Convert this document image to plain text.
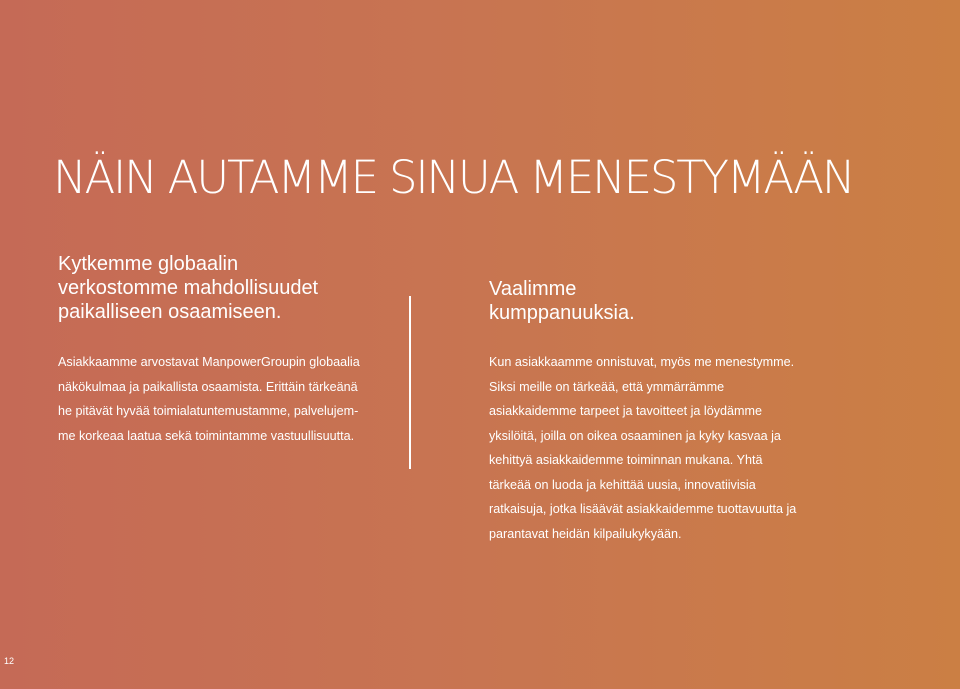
NÄIN AUTAMME SINUA MENESTYMÄÄN
Kytkemme globaalin
verkostomme mahdollisuudet
paikalliseen osaamiseen.

Asiakkaamme arvostavat ManpowerGroupin globaalia
näkökulmaa ja paikallista osaamista. Erittäin tärkeänä
he pitävät hyvää toimialatuntemustamme, palvelujem-
me korkeaa laatua sekä toimintamme vastuullisuutta.

Vaalimme
kumppanuuksia.

Kun asiakkaamme onnistuvat, myös me menestymme.
Siksi meille on tärkeää, että ymmärrämme
asiakkaidemme tarpeet ja tavoitteet ja löydämme
yksilöitä, joilla on oikea osaaminen ja kyky kasvaa ja
kehittyä asiakkaidemme toiminnan mukana. Yhtä
tärkeää on luoda ja kehittää uusia, innovatiivisia
ratkaisuja, jotka lisäävät asiakkaidemme tuottavuutta ja
parantavat heidän kilpailukykyään.

12
